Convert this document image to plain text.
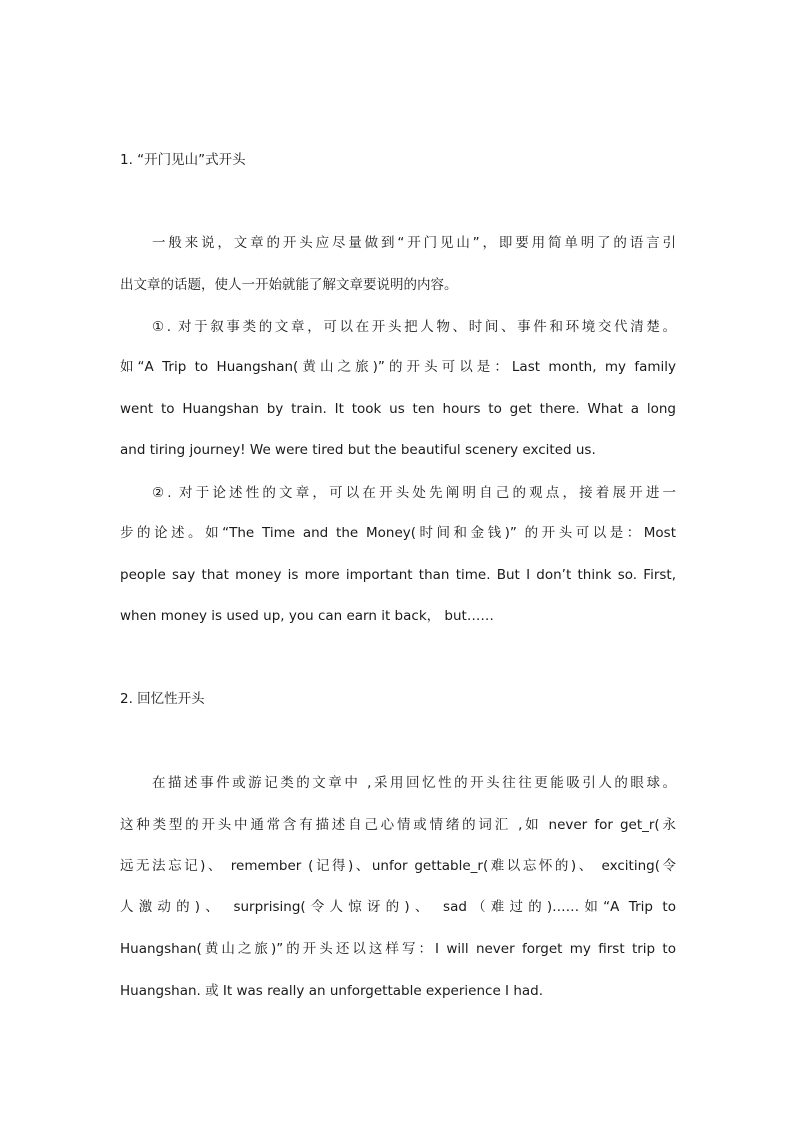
1. “开门见山”式开头
一般来说，文章的开头应尽量做到“开门见山”，即要用简单明了的语言引
出文章的话题，使人一开始就能了解文章要说明的内容。
①. 对于叙事类的文章，可以在开头把人物、时间、事件和环境交代清楚。
如“A Trip to Huangshan(黄山之旅)”的开头可以是：Last month, my family
went to Huangshan by train. It took us ten hours to get there. What a long
and tiring journey! We were tired but the beautiful scenery excited us.
②. 对于论述性的文章，可以在开头处先阐明自己的观点，接着展开进一
步的论述。如“The Time and the Money(时间和金钱)” 的开头可以是：Most
people say that money is more important than time. But I don’t think so. First,
when money is used up, you can earn it back， but……
2. 回忆性开头
在描述事件或游记类的文章中 ,采用回忆性的开头往往更能吸引人的眼球。
这种类型的开头中通常含有描述自己心情或情绪的词汇 ,如 never for get_r(永
远无法忘记)、 remember (记得)、unfor gettable_r(难以忘怀的)、 exciting(令
人激动的)、 surprising(令人惊讶的)、 sad（难过的)……如“A Trip to
Huangshan(黄山之旅)”的开头还以这样写：I will never forget my first trip to
Huangshan. 或 It was really an unforgettable experience I had.
